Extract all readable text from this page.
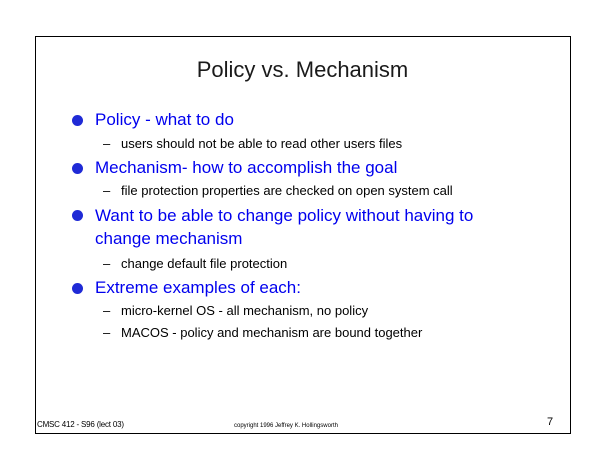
Policy vs. Mechanism
Policy - what to do
– users should not be able to read other users files
Mechanism- how to accomplish the goal
– file protection properties are checked on open system call
Want to be able to change policy without having to
change mechanism
– change default file protection
Extreme examples of each:
– micro-kernel OS - all mechanism, no policy
– MACOS - policy and mechanism are bound together
CMSC 412 - S96 (lect 03)	copyright 1996 Jeffrey K. Hollingsworth	7
